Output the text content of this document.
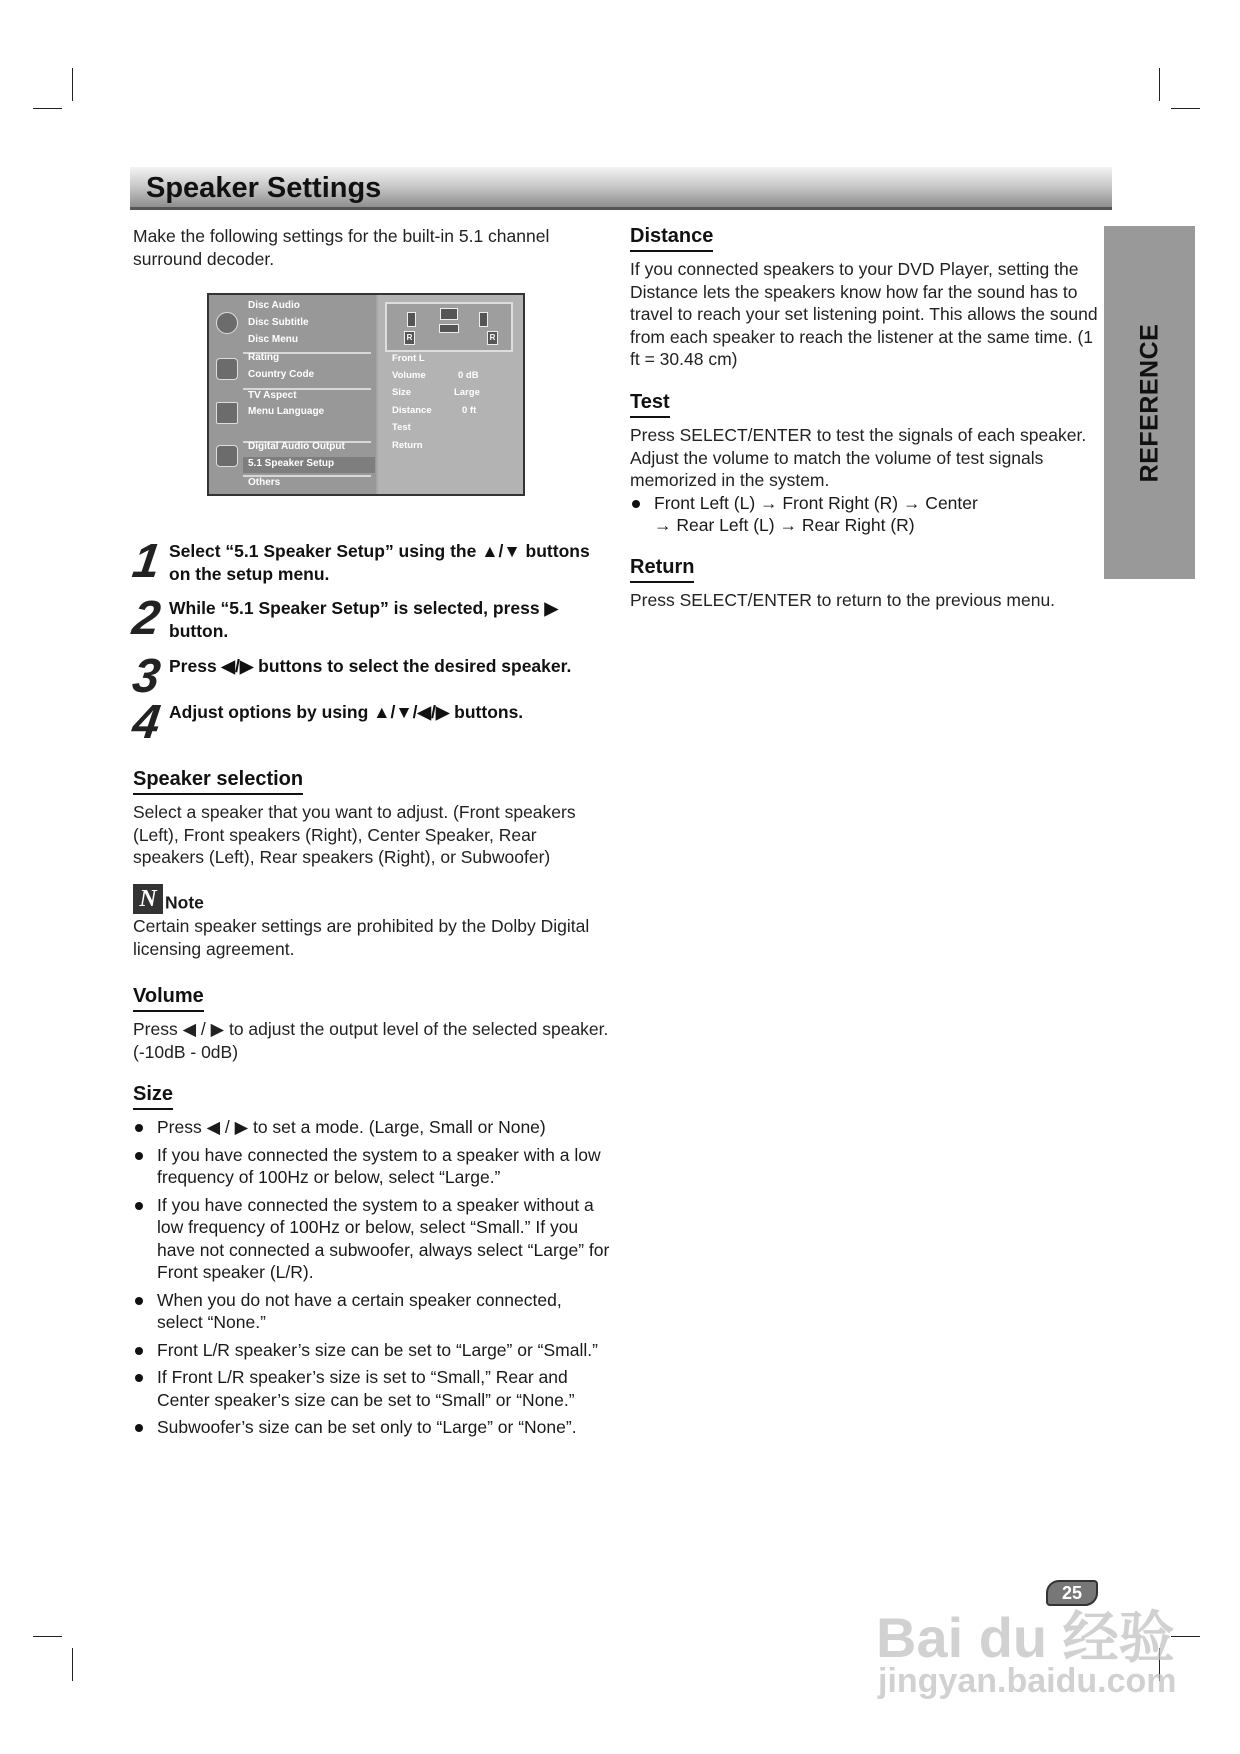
Speaker Settings
Make the following settings for the built-in 5.1 channel surround decoder.
Disc Audio
Disc Subtitle
Disc Menu
Rating
Country Code
TV Aspect
Menu Language
Digital Audio Output
5.1 Speaker Setup
Others
R	R
Front L
Volume	0 dB
Size	Large
Distance	0 ft
Test
Return
1 Select “5.1 Speaker Setup” using the ▲/▼ buttons on the setup menu.
2 While “5.1 Speaker Setup” is selected, press ▶ button.
3 Press ◀/▶ buttons to select the desired speaker.
4 Adjust options by using ▲/▼/◀/▶ buttons.
Speaker selection
Select a speaker that you want to adjust. (Front speakers (Left), Front speakers (Right), Center Speaker, Rear speakers (Left), Rear speakers (Right), or Subwoofer)
N Note
Certain speaker settings are prohibited by the Dolby Digital licensing agreement.
Volume
Press ◀ / ▶ to adjust the output level of the selected speaker. (-10dB - 0dB)
Size
Press ◀ / ▶ to set a mode. (Large, Small or None)
If you have connected the system to a speaker with a low frequency of 100Hz or below, select “Large.”
If you have connected the system to a speaker without a low frequency of 100Hz or below, select “Small.” If you have not connected a subwoofer, always select “Large” for Front speaker (L/R).
When you do not have a certain speaker connected, select “None.”
Front L/R speaker’s size can be set to “Large” or “Small.”
If Front L/R speaker’s size is set to “Small,” Rear and Center speaker’s size can be set to “Small” or “None.”
Subwoofer’s size can be set only to “Large” or “None”.
Distance
If you connected speakers to your DVD Player, setting the Distance lets the speakers know how far the sound has to travel to reach your set listening point. This allows the sound from each speaker to reach the listener at the same time. (1 ft = 30.48 cm)
Test
Press SELECT/ENTER to test the signals of each speaker. Adjust the volume to match the volume of test signals memorized in the system.
Front Left (L) → Front Right (R) → Center
→ Rear Left (L) → Rear Right (R)
Return
Press SELECT/ENTER to return to the previous menu.
REFERENCE
25
Bai du 经验
jingyan.baidu.com
